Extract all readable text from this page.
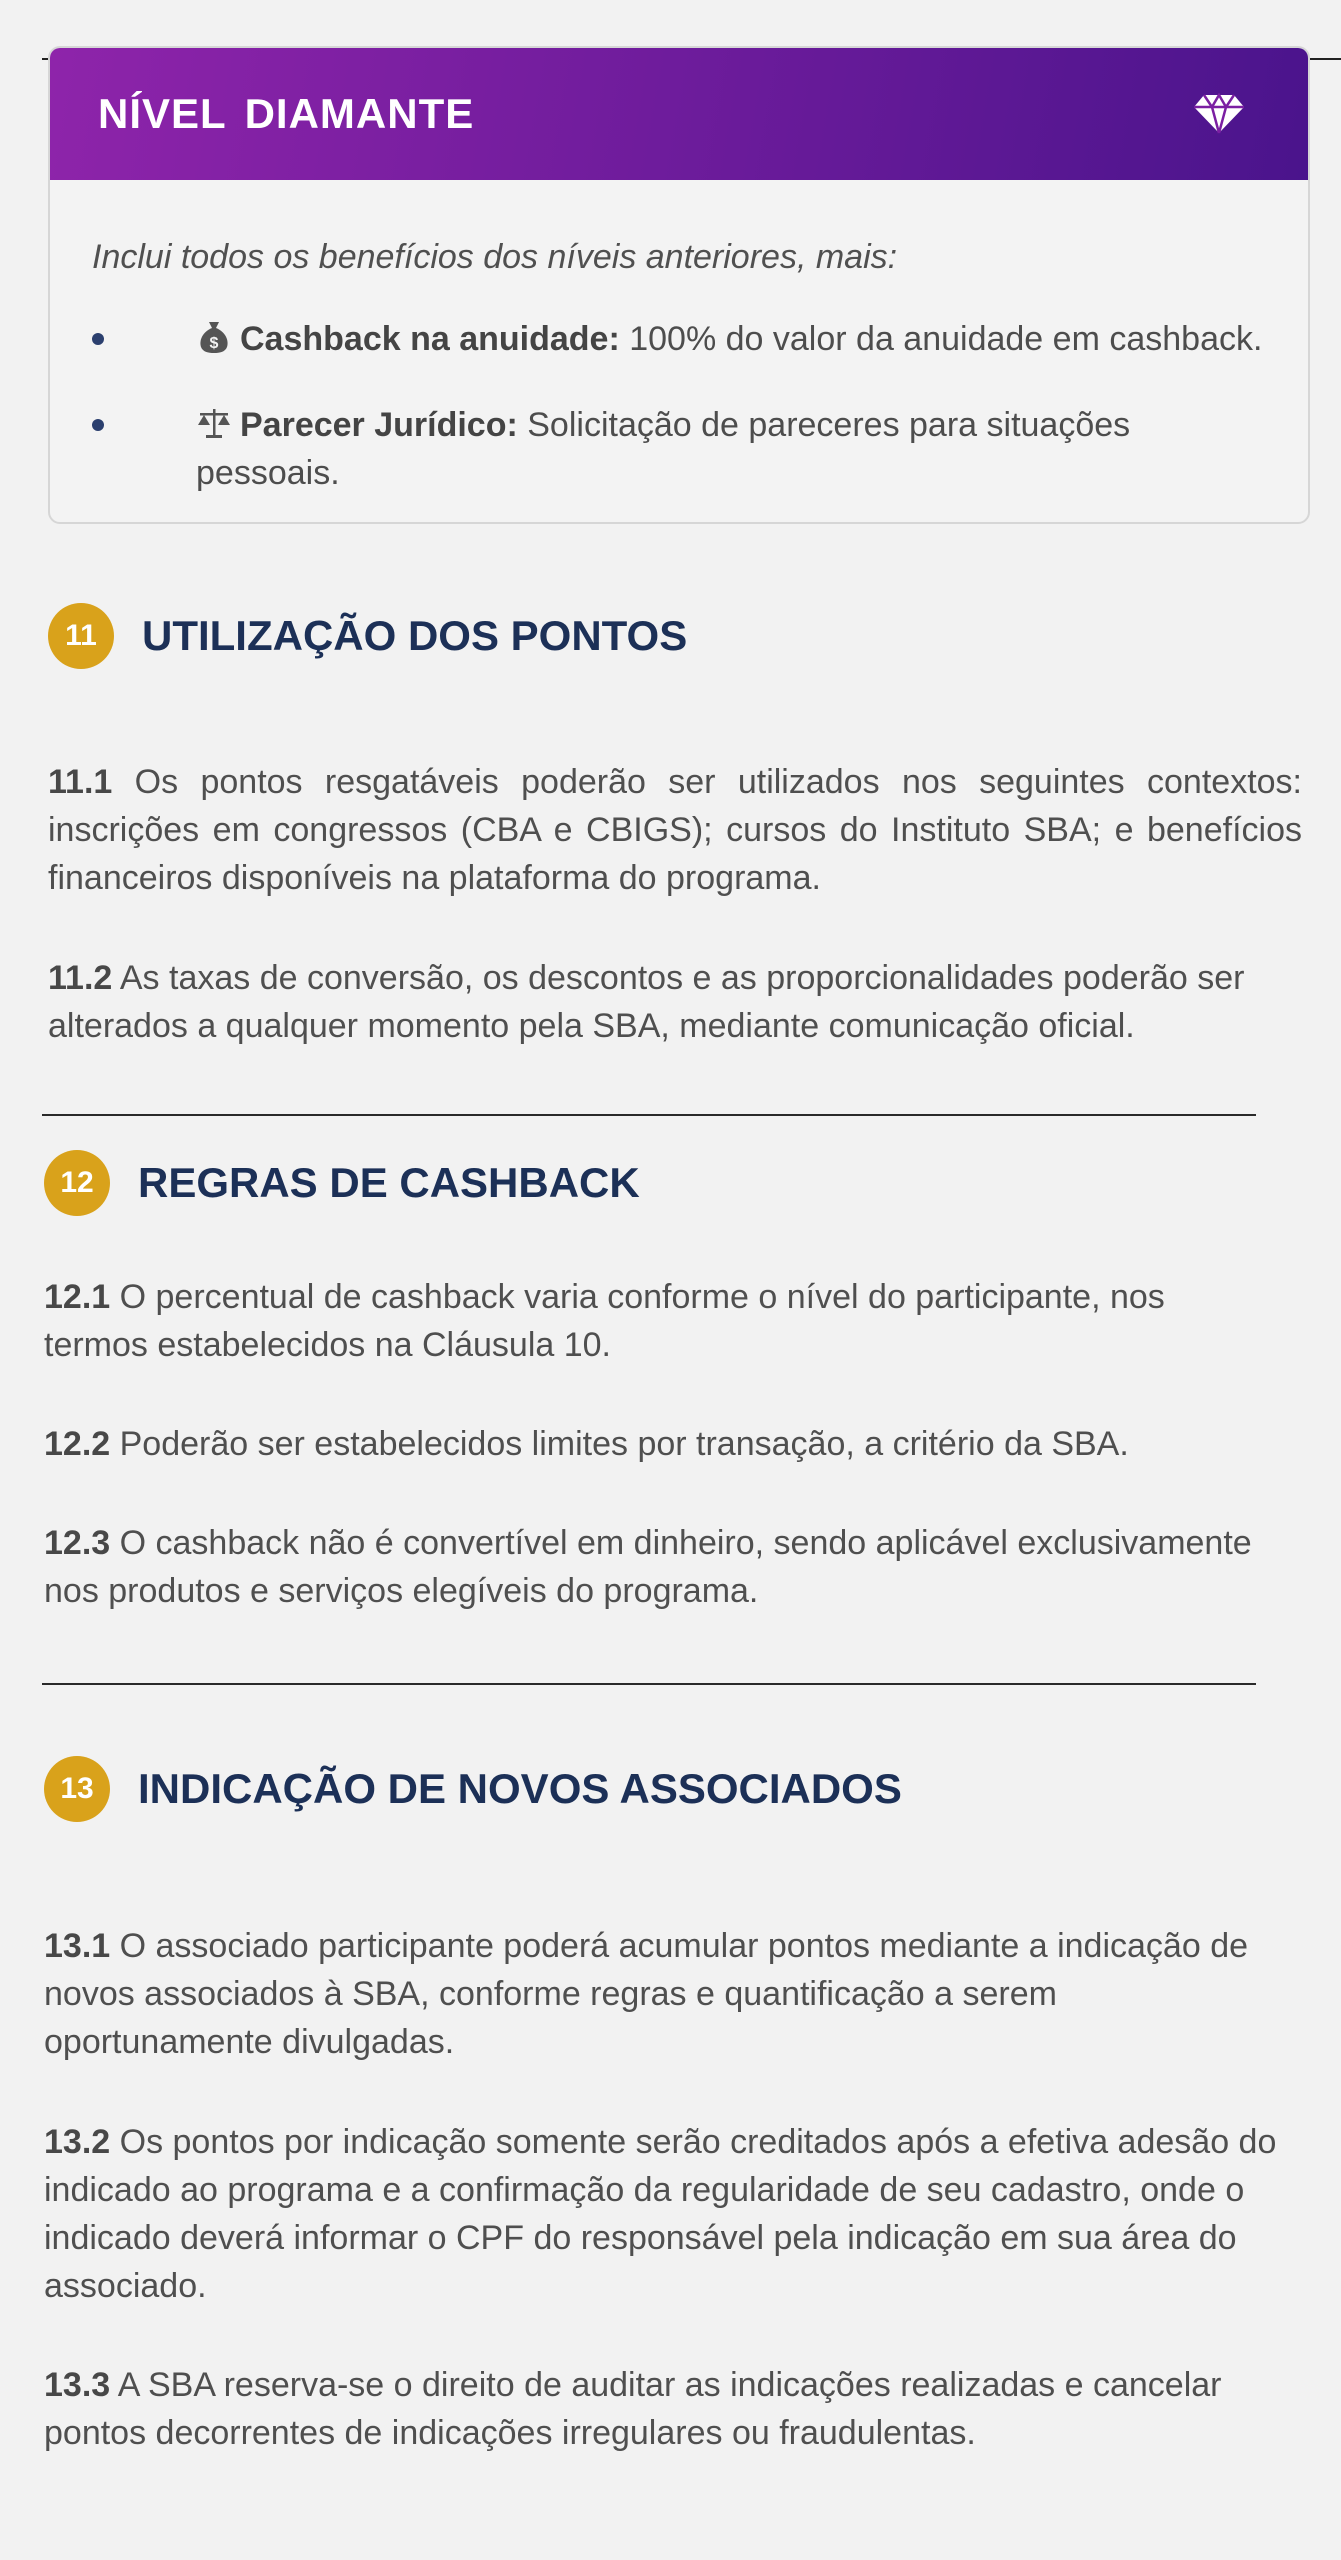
NÍVEL DIAMANTE

Inclui todos os benefícios dos níveis anteriores, mais:

$ Cashback na anuidade: 100% do valor da anuidade em cashback.
Parecer Jurídico: Solicitação de pareceres para situações pessoais.
11	UTILIZAÇÃO DOS PONTOS

11.1 Os pontos resgatáveis poderão ser utilizados nos seguintes contextos: inscrições em congressos (CBA e CBIGS); cursos do Instituto SBA; e benefícios financeiros disponíveis na plataforma do programa.

11.2 As taxas de conversão, os descontos e as proporcionalidades poderão ser alterados a qualquer momento pela SBA, mediante comunicação oficial.

12	REGRAS DE CASHBACK

12.1 O percentual de cashback varia conforme o nível do participante, nos termos estabelecidos na Cláusula 10.

12.2 Poderão ser estabelecidos limites por transação, a critério da SBA.

12.3 O cashback não é convertível em dinheiro, sendo aplicável exclusivamente nos produtos e serviços elegíveis do programa.

13	INDICAÇÃO DE NOVOS ASSOCIADOS

13.1 O associado participante poderá acumular pontos mediante a indicação de novos associados à SBA, conforme regras e quantificação a serem oportunamente divulgadas.

13.2 Os pontos por indicação somente serão creditados após a efetiva adesão do indicado ao programa e a confirmação da regularidade de seu cadastro, onde o indicado deverá informar o CPF do responsável pela indicação em sua área do associado.

13.3 A SBA reserva-se o direito de auditar as indicações realizadas e cancelar pontos decorrentes de indicações irregulares ou fraudulentas.
